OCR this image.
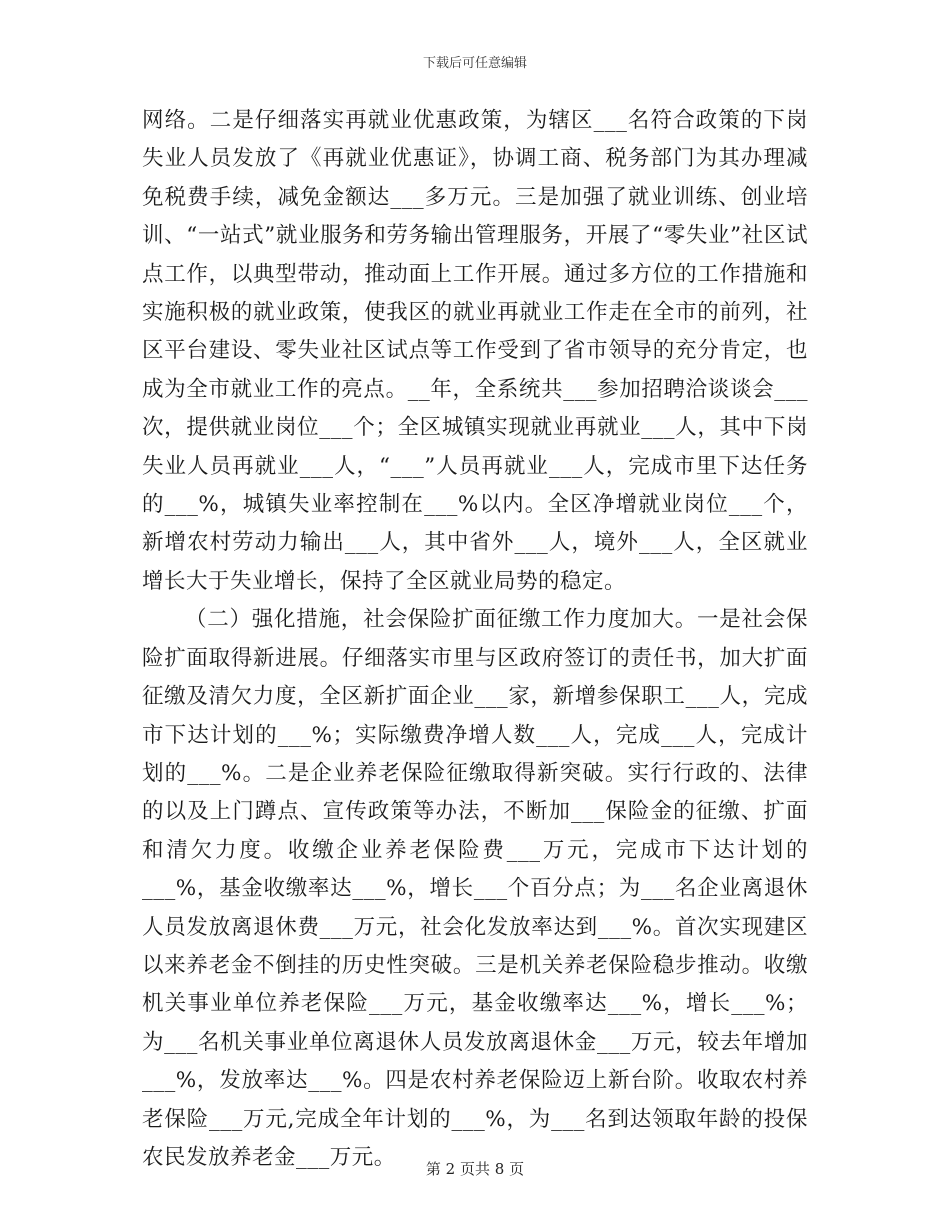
下载后可任意编辑

网络。二是仔细落实再就业优惠政策，为辖区___名符合政策的下岗失业人员发放了《再就业优惠证》，协调工商、税务部门为其办理减免税费手续，减免金额达___多万元。三是加强了就业训练、创业培训、“一站式”就业服务和劳务输出管理服务，开展了“零失业”社区试点工作，以典型带动，推动面上工作开展。通过多方位的工作措施和实施积极的就业政策，使我区的就业再就业工作走在全市的前列，社区平台建设、零失业社区试点等工作受到了省市领导的充分肯定，也成为全市就业工作的亮点。__年，全系统共___参加招聘洽谈谈会___次，提供就业岗位___个；全区城镇实现就业再就业___人，其中下岗失业人员再就业___人，“___”人员再就业___人，完成市里下达任务的___%，城镇失业率控制在___%以内。全区净增就业岗位___个，新增农村劳动力输出___人，其中省外___人，境外___人，全区就业增长大于失业增长，保持了全区就业局势的稳定。

（二）强化措施，社会保险扩面征缴工作力度加大。一是社会保险扩面取得新进展。仔细落实市里与区政府签订的责任书，加大扩面征缴及清欠力度，全区新扩面企业___家，新增参保职工___人，完成市下达计划的___%；实际缴费净增人数___人，完成___人，完成计划的___%。二是企业养老保险征缴取得新突破。实行行政的、法律的以及上门蹲点、宣传政策等办法，不断加___保险金的征缴、扩面和清欠力度。收缴企业养老保险费___万元，完成市下达计划的___%，基金收缴率达___%，增长___个百分点；为___名企业离退休人员发放离退休费___万元，社会化发放率达到___%。首次实现建区以来养老金不倒挂的历史性突破。三是机关养老保险稳步推动。收缴机关事业单位养老保险___万元，基金收缴率达___%，增长___%；为___名机关事业单位离退休人员发放离退休金___万元，较去年增加___%，发放率达___%。四是农村养老保险迈上新台阶。收取农村养老保险___万元,完成全年计划的___%，为___名到达领取年龄的投保农民发放养老金___万元。	第 2 页共 8 页
